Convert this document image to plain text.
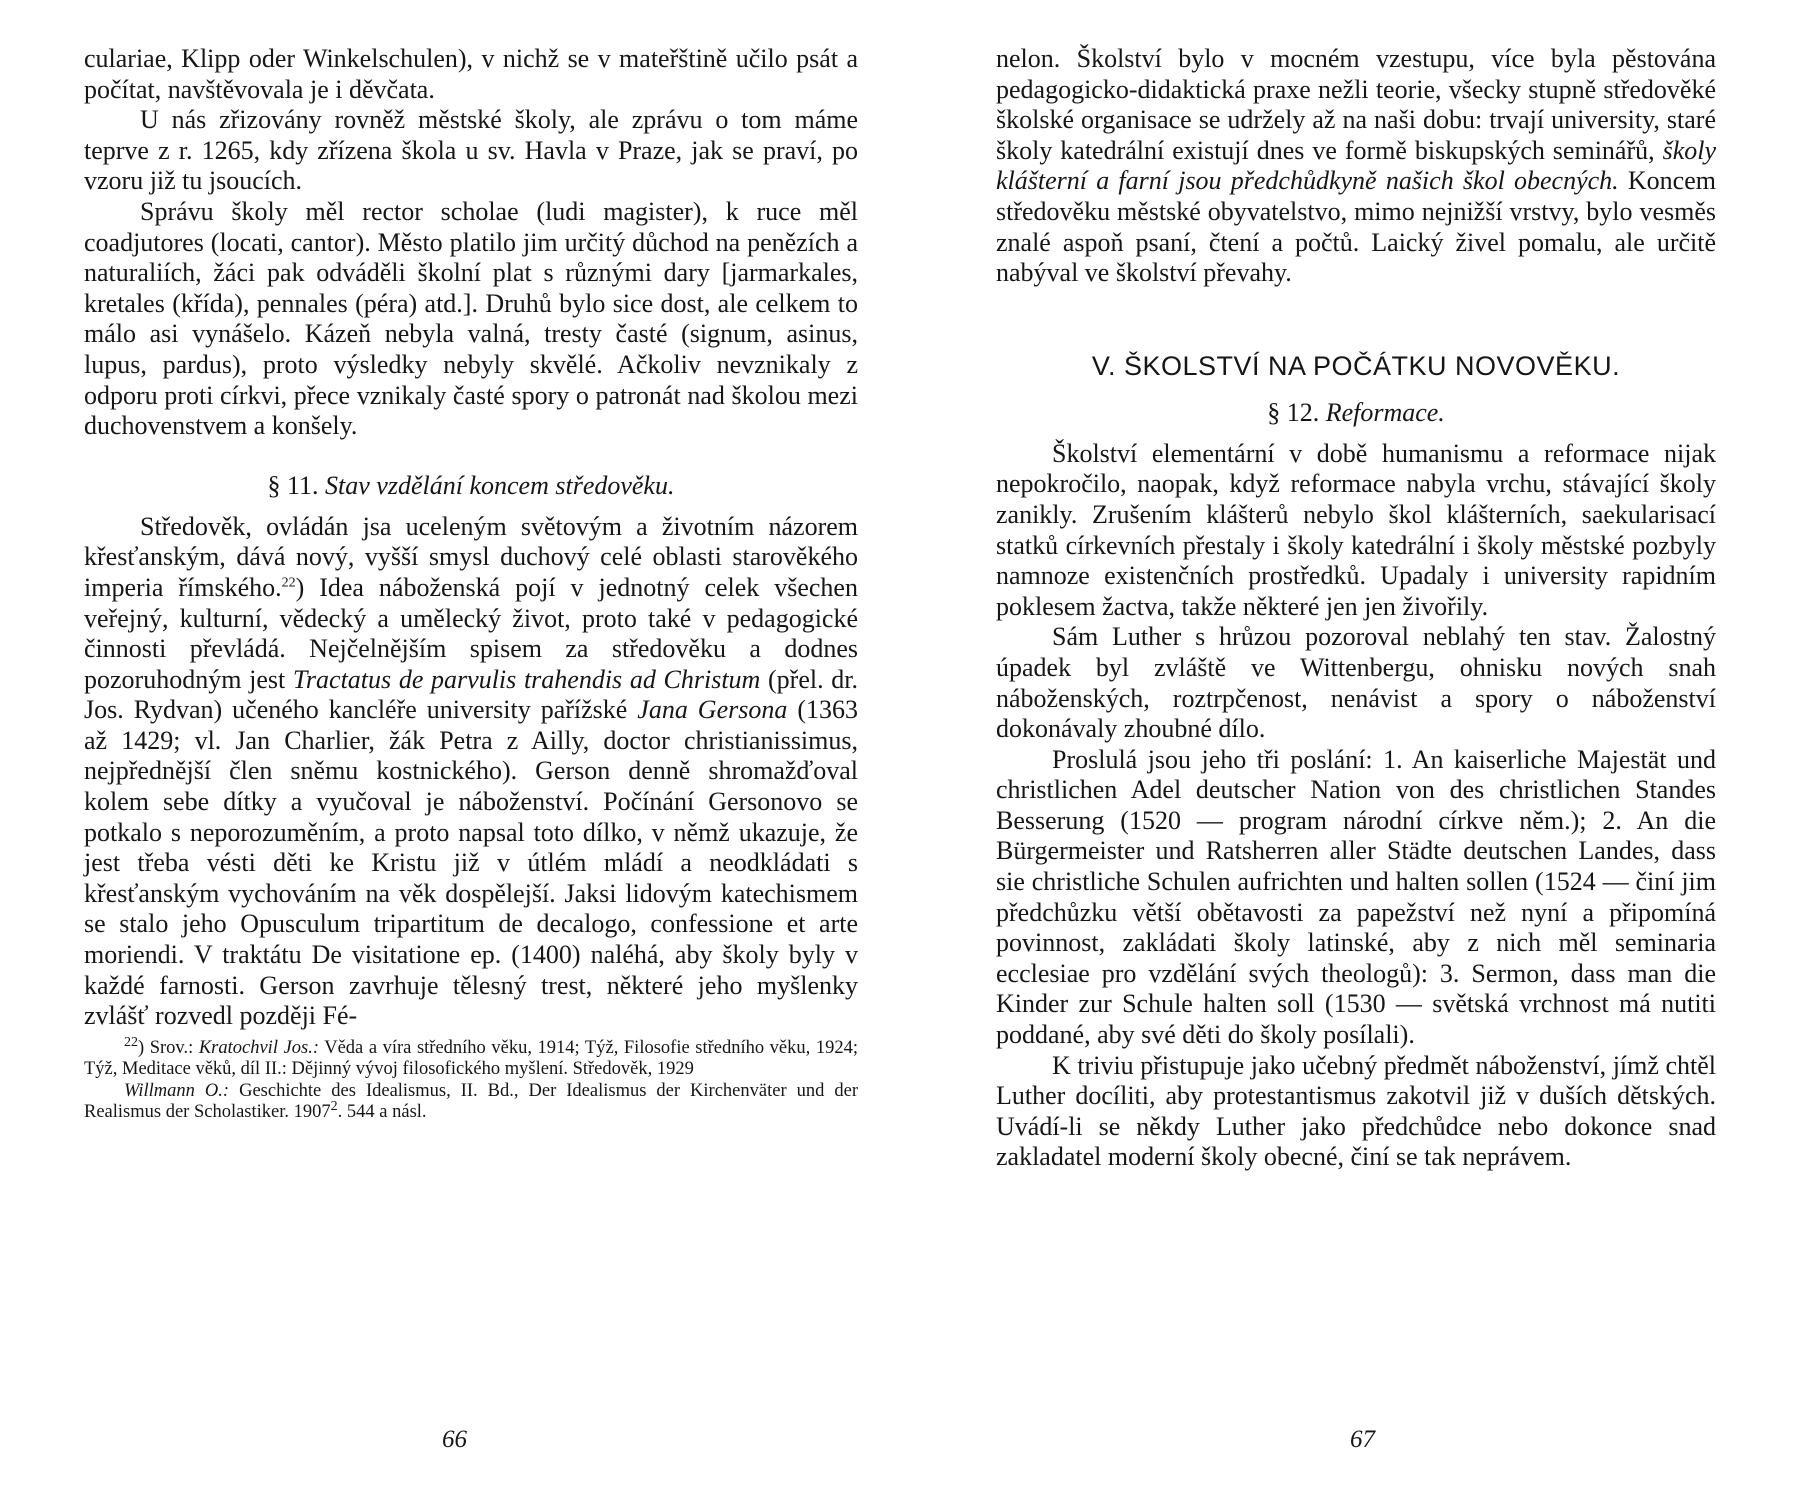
culariae, Klipp oder Winkelschulen), v nichž se v mateřštině učilo psát a počítat, navštěvovala je i děvčata.

U nás zřizovány rovněž městské školy, ale zprávu o tom máme teprve z r. 1265, kdy zřízena škola u sv. Havla v Praze, jak se praví, po vzoru již tu jsoucích.

Správu školy měl rector scholae (ludi magister), k ruce měl coadjutores (locati, cantor). Město platilo jim určitý důchod na penězích a naturaliích, žáci pak odváděli školní plat s různými dary [jarmarkales, kretales (křída), pennales (péra) atd.]. Druhů bylo sice dost, ale celkem to málo asi vynášelo. Kázeň nebyla valná, tresty časté (signum, asinus, lupus, pardus), proto výsledky nebyly skvělé. Ačkoliv nevznikaly z odporu proti církvi, přece vznikaly časté spory o patronát nad školou mezi duchovenstvem a konšely.

§ 11. Stav vzdělání koncem středověku.

Středověk, ovládán jsa uceleným světovým a životním názorem křesťanským, dává nový, vyšší smysl duchový celé oblasti starověkého imperia římského.$^{22}$) Idea náboženská pojí v jednotný celek všechen veřejný, kulturní, vědecký a umělecký život, proto také v pedagogické činnosti převládá. Nejčelnějším spisem za středověku a dodnes pozoruhodným jest Tractatus de parvulis trahendis ad Christum (přel. dr. Jos. Rydvan) učeného kancléře university pařížské Jana Gersona (1363 až 1429; vl. Jan Charlier, žák Petra z Ailly, doctor christianissimus, nejpřednější člen sněmu kostnického). Gerson denně shromažďoval kolem sebe dítky a vyučoval je náboženství. Počínání Gersonovo se potkalo s neporozuměním, a proto napsal toto dílko, v němž ukazuje, že jest třeba vésti děti ke Kristu již v útlém mládí a neodkládati s křesťanským vychováním na věk dospělejší. Jaksi lidovým katechismem se stalo jeho Opusculum tripartitum de decalogo, confessione et arte moriendi. V traktátu De visitatione ep. (1400) naléhá, aby školy byly v každé farnosti. Gerson zavrhuje tělesný trest, některé jeho myšlenky zvlášť rozvedl později Fé-

$^{22}$) Srov.: Kratochvil Jos.: Věda a víra středního věku, 1914; Týž, Filosofie středního věku, 1924; Týž, Meditace věků, díl II.: Dějinný vývoj filosofického myšlení. Středověk, 1929

Willmann O.: Geschichte des Idealismus, II. Bd., Der Idealismus der Kirchenväter und der Realismus der Scholastiker. 1907$^2$. 544 a násl.

66

nelon. Školství bylo v mocném vzestupu, více byla pěstována pedagogicko-didaktická praxe nežli teorie, všecky stupně středověké školské organisace se udržely až na naši dobu: trvají university, staré školy katedrální existují dnes ve formě biskupských seminářů, školy klášterní a farní jsou předchůdkyně našich škol obecných. Koncem středověku městské obyvatelstvo, mimo nejnižší vrstvy, bylo vesměs znalé aspoň psaní, čtení a počtů. Laický živel pomalu, ale určitě nabýval ve školství převahy.

V. ŠKOLSTVÍ NA POČÁTKU NOVOVĚKU.
§ 12. Reformace.

Školství elementární v době humanismu a reformace nijak nepokročilo, naopak, když reformace nabyla vrchu, stávající školy zanikly. Zrušením klášterů nebylo škol klášterních, saekularisací statků církevních přestaly i školy katedrální i školy městské pozbyly namnoze existenčních prostředků. Upadaly i university rapidním poklesem žactva, takže některé jen jen živořily.

Sám Luther s hrůzou pozoroval neblahý ten stav. Žalostný úpadek byl zvláště ve Wittenbergu, ohnisku nových snah náboženských, roztrpčenost, nenávist a spory o náboženství dokonávaly zhoubné dílo.

Proslulá jsou jeho tři poslání: 1. An kaiserliche Majestät und christlichen Adel deutscher Nation von des christlichen Standes Besserung (1520 — program národní církve něm.); 2. An die Bürgermeister und Ratsherren aller Städte deutschen Landes, dass sie christliche Schulen aufrichten und halten sollen (1524 — činí jim předchůzku větší obětavosti za papežství než nyní a připomíná povinnost, zakládati školy latinské, aby z nich měl seminaria ecclesiae pro vzdělání svých theologů): 3. Sermon, dass man die Kinder zur Schule halten soll (1530 — světská vrchnost má nutiti poddané, aby své děti do školy posílali).

K triviu přistupuje jako učebný předmět náboženství, jímž chtěl Luther docíliti, aby protestantismus zakotvil již v duších dětských. Uvádí-li se někdy Luther jako předchůdce nebo dokonce snad zakladatel moderní školy obecné, činí se tak neprávem.

67
